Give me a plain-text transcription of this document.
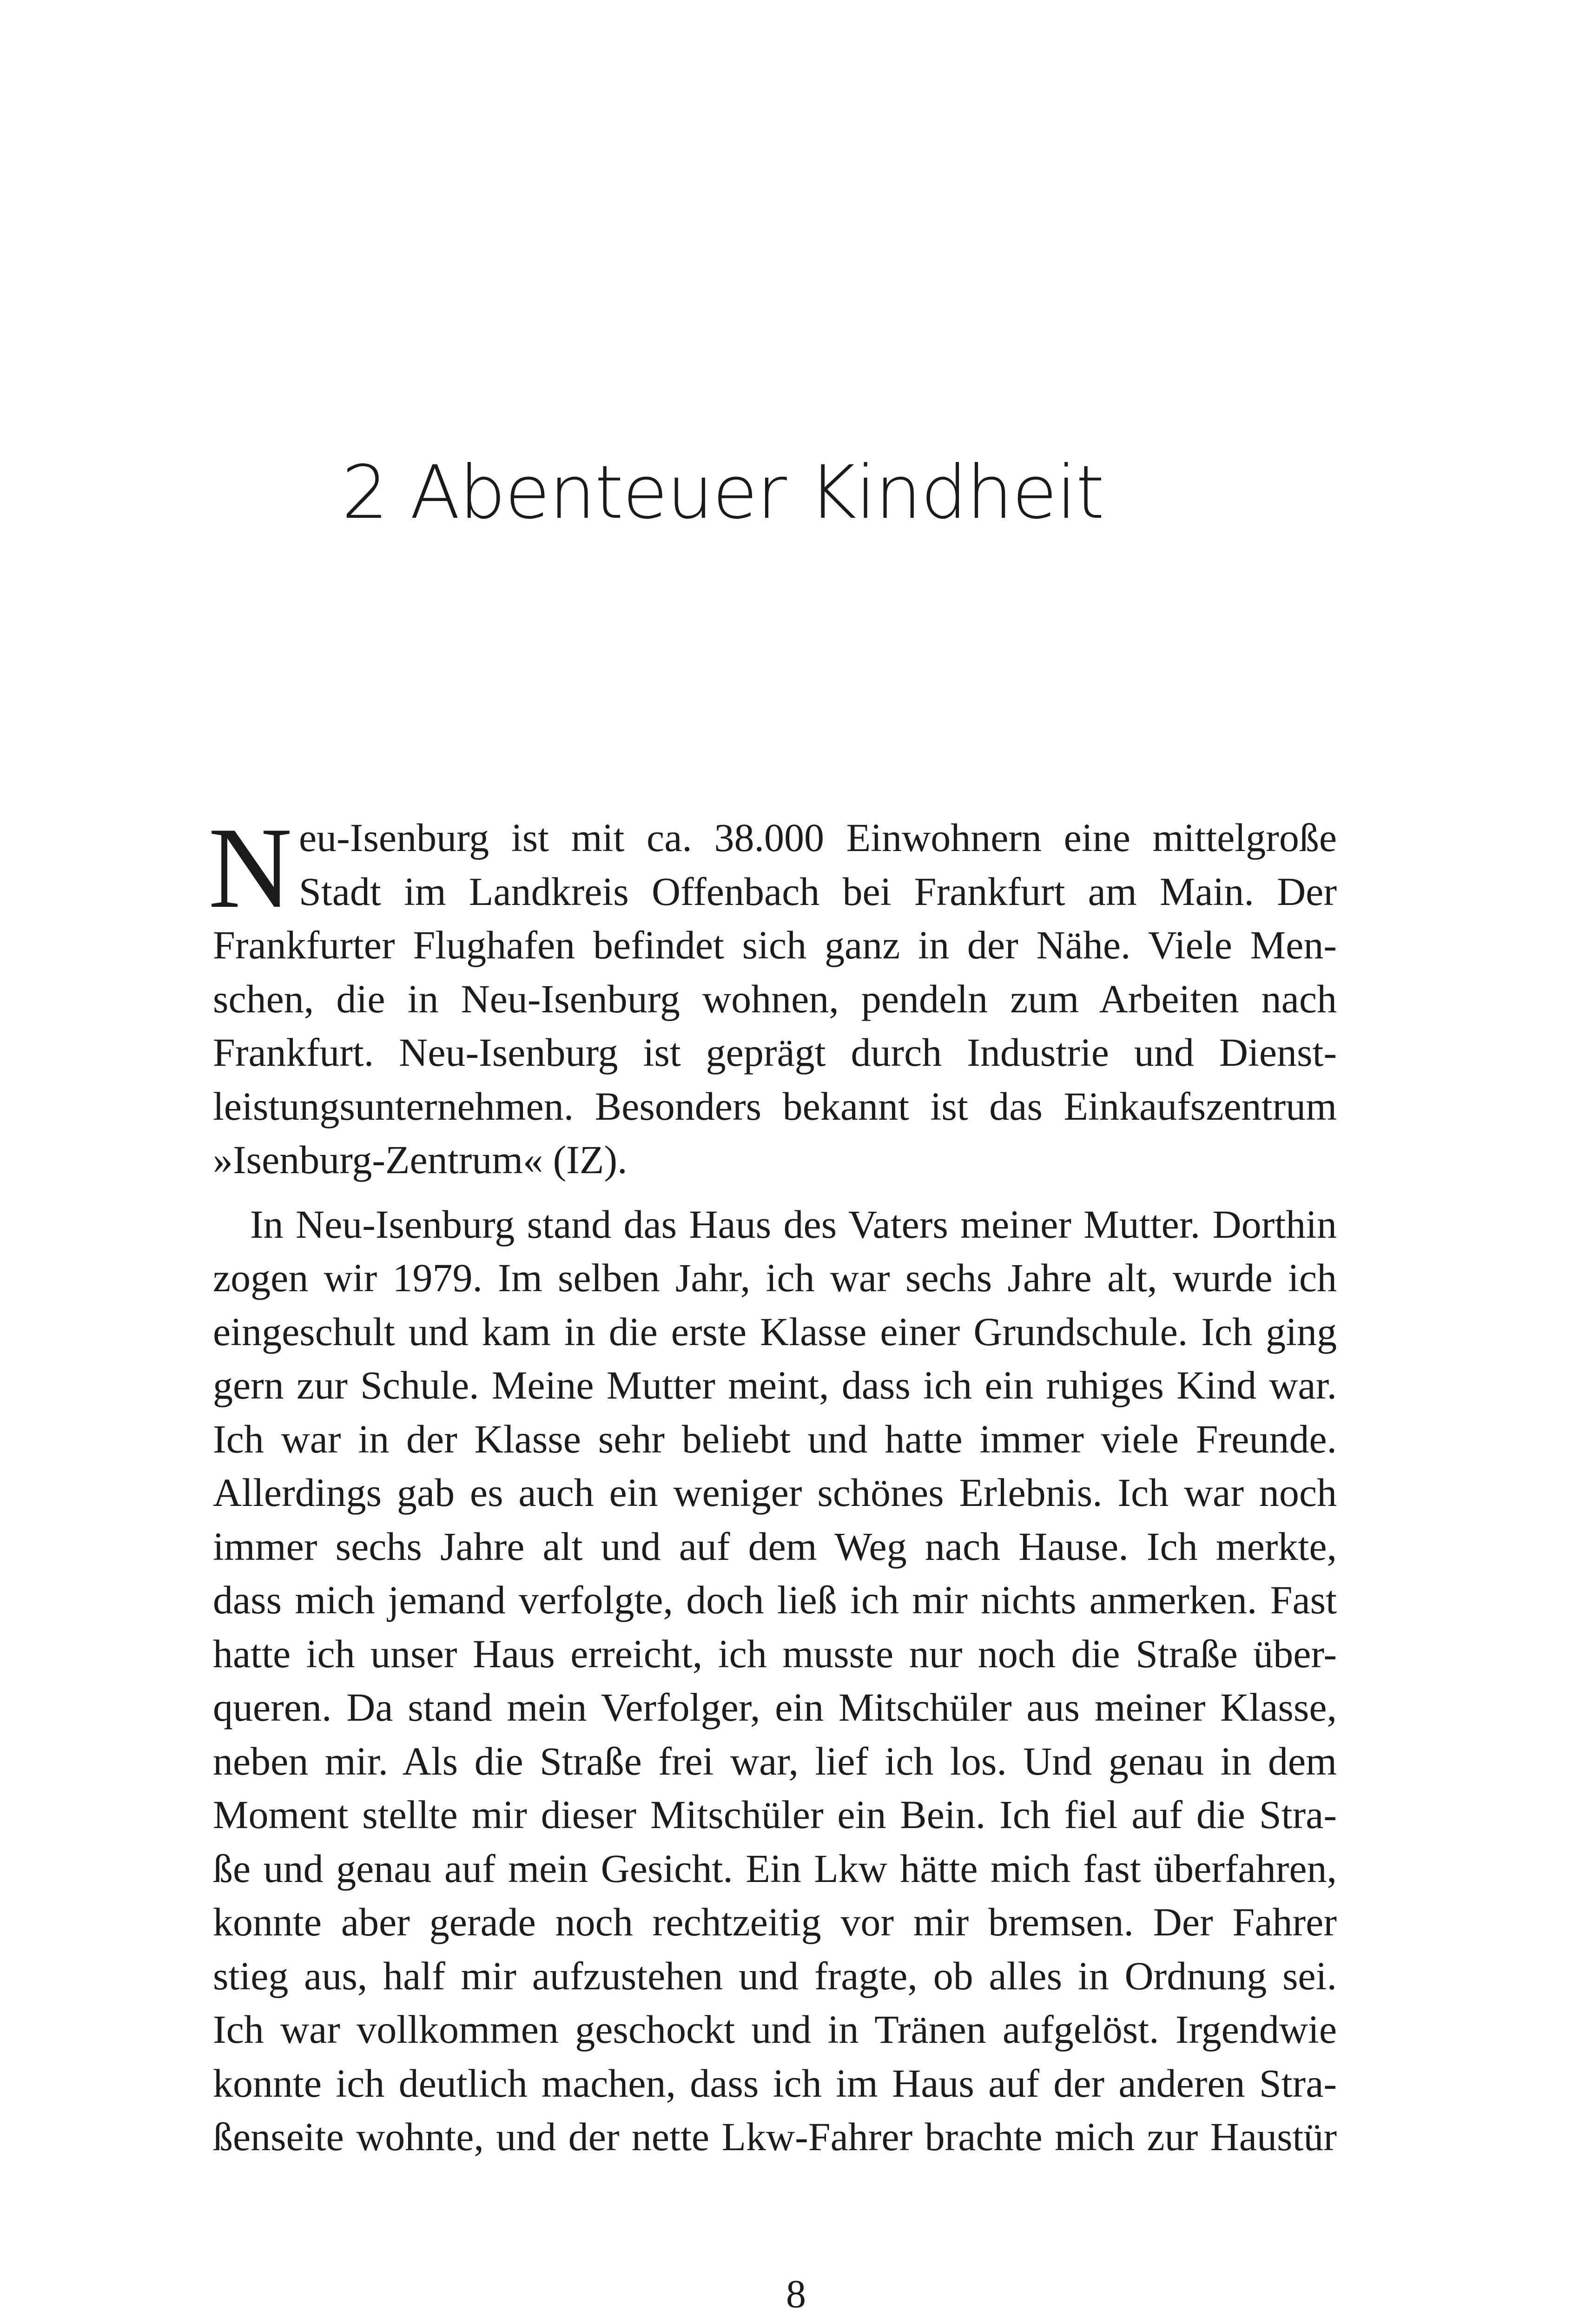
2 Abenteuer Kindheit
N eu-Isenburg ist mit ca. 38.000 Einwohnern eine mittelgroße
Stadt im Landkreis Offenbach bei Frankfurt am Main. Der
Frankfurter Flughafen befindet sich ganz in der Nähe. Viele Men-
schen, die in Neu-Isenburg wohnen, pendeln zum Arbeiten nach
Frankfurt. Neu-Isenburg ist geprägt durch Industrie und Dienst-
leistungsunternehmen. Besonders bekannt ist das Einkaufszentrum
»Isenburg-Zentrum« (IZ).
In Neu-Isenburg stand das Haus des Vaters meiner Mutter. Dorthin
zogen wir 1979. Im selben Jahr, ich war sechs Jahre alt, wurde ich
eingeschult und kam in die erste Klasse einer Grundschule. Ich ging
gern zur Schule. Meine Mutter meint, dass ich ein ruhiges Kind war.
Ich war in der Klasse sehr beliebt und hatte immer viele Freunde.
Allerdings gab es auch ein weniger schönes Erlebnis. Ich war noch
immer sechs Jahre alt und auf dem Weg nach Hause. Ich merkte,
dass mich jemand verfolgte, doch ließ ich mir nichts anmerken. Fast
hatte ich unser Haus erreicht, ich musste nur noch die Straße über-
queren. Da stand mein Verfolger, ein Mitschüler aus meiner Klasse,
neben mir. Als die Straße frei war, lief ich los. Und genau in dem
Moment stellte mir dieser Mitschüler ein Bein. Ich fiel auf die Stra-
ße und genau auf mein Gesicht. Ein Lkw hätte mich fast überfahren,
konnte aber gerade noch rechtzeitig vor mir bremsen. Der Fahrer
stieg aus, half mir aufzustehen und fragte, ob alles in Ordnung sei.
Ich war vollkommen geschockt und in Tränen aufgelöst. Irgendwie
konnte ich deutlich machen, dass ich im Haus auf der anderen Stra-
ßenseite wohnte, und der nette Lkw-Fahrer brachte mich zur Haustür
8
